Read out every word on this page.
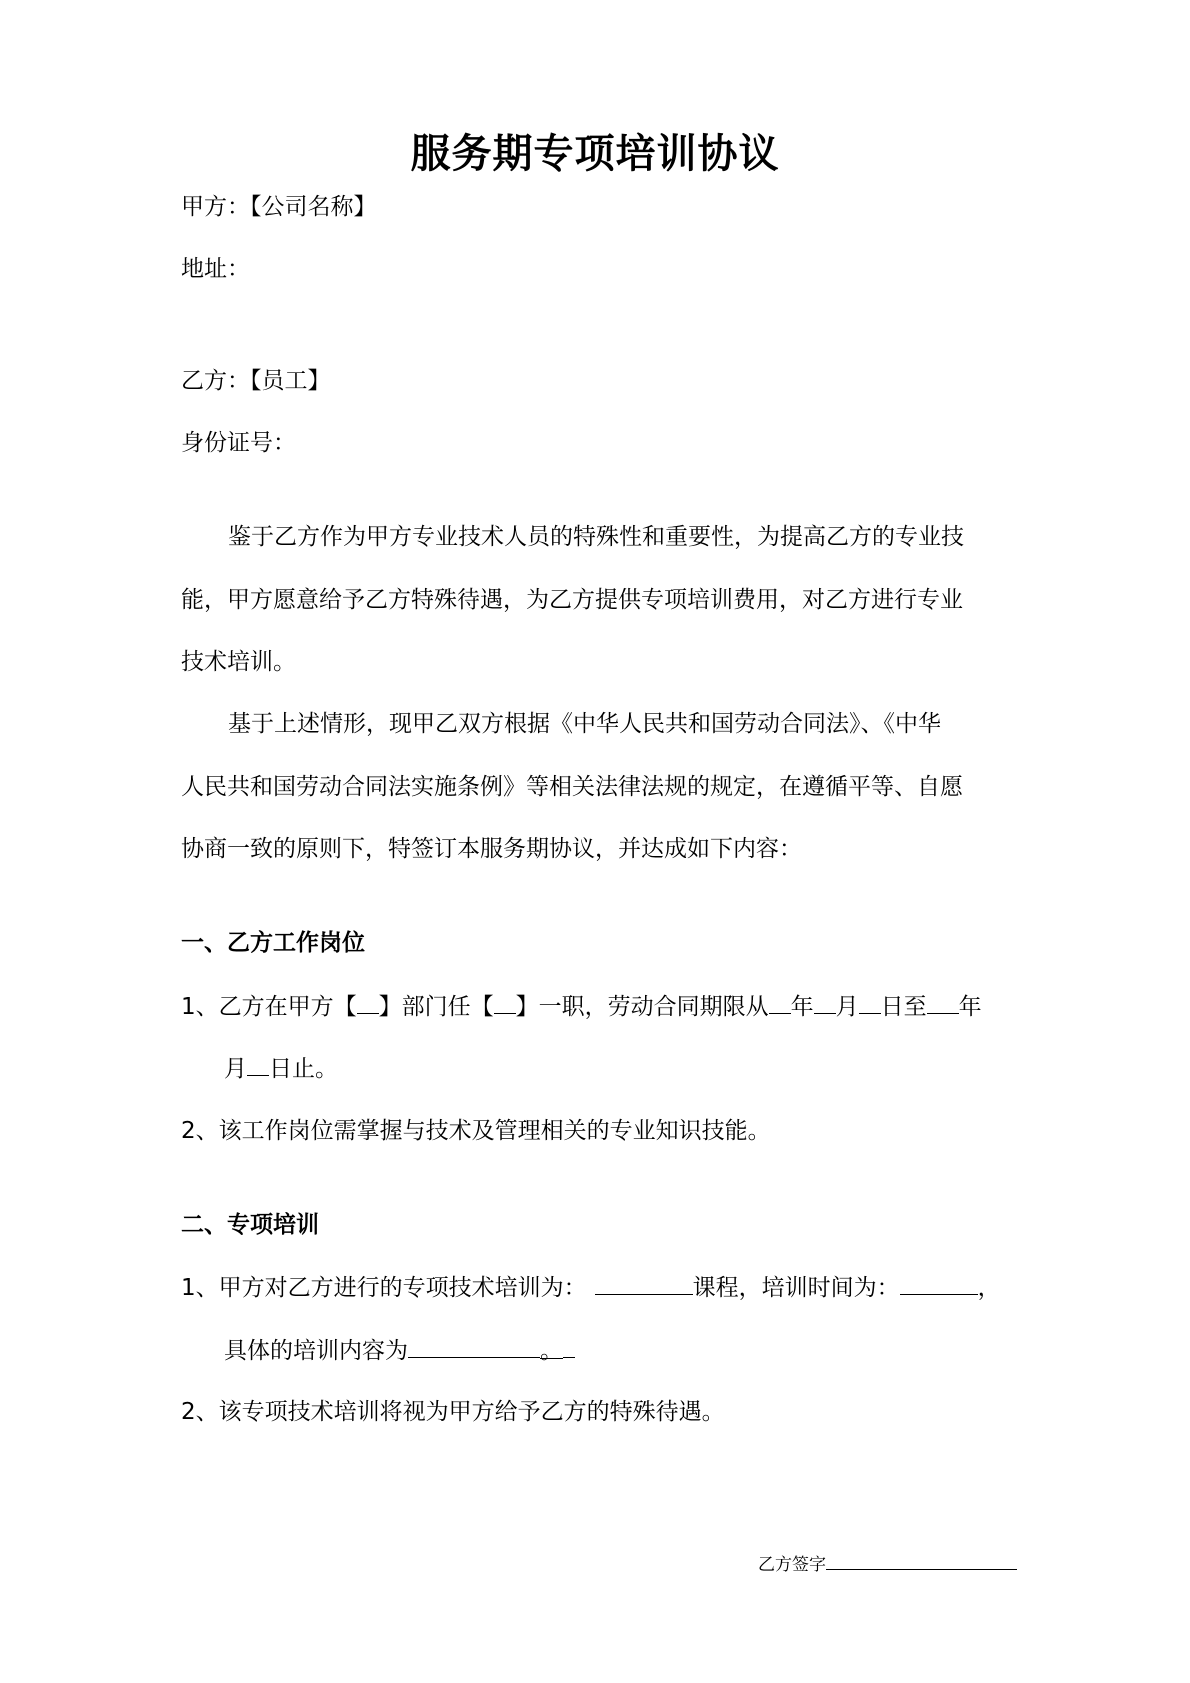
服务期专项培训协议
甲方：【公司名称】
地址：
乙方：【员工】
身份证号：
鉴于乙方作为甲方专业技术人员的特殊性和重要性，为提高乙方的专业技
能，甲方愿意给予乙方特殊待遇，为乙方提供专项培训费用，对乙方进行专业
技术培训。
基于上述情形，现甲乙双方根据《中华人民共和国劳动合同法》、《中华
人民共和国劳动合同法实施条例》等相关法律法规的规定，在遵循平等、自愿
协商一致的原则下，特签订本服务期协议，并达成如下内容：
一、乙方工作岗位
1、乙方在甲方【 】部门任【 】一职，劳动合同期限从 年 月 日至 年
月 日止。
2、该工作岗位需掌握与技术及管理相关的专业知识技能。
二、专项培训
1、甲方对乙方进行的专项技术培训为：	课程，培训时间为：	，
具体的培训内容为	。
2、该专项技术培训将视为甲方给予乙方的特殊待遇。
乙方签字
